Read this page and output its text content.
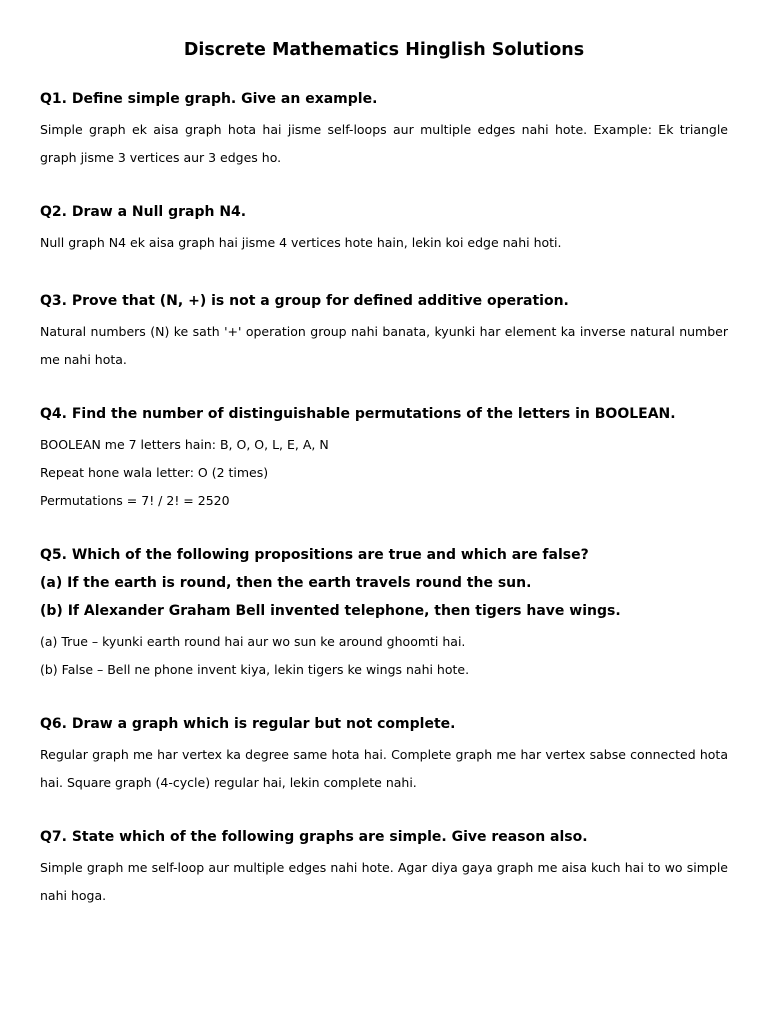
Discrete Mathematics Hinglish Solutions

Q1. Define simple graph. Give an example.

Simple graph ek aisa graph hota hai jisme self-loops aur multiple edges nahi hote. Example: Ek triangle graph jisme 3 vertices aur 3 edges ho.

Q2. Draw a Null graph N4.

Null graph N4 ek aisa graph hai jisme 4 vertices hote hain, lekin koi edge nahi hoti.

Q3. Prove that (N, +) is not a group for defined additive operation.

Natural numbers (N) ke sath '+' operation group nahi banata, kyunki har element ka inverse natural number me nahi hota.

Q4. Find the number of distinguishable permutations of the letters in BOOLEAN.

BOOLEAN me 7 letters hain: B, O, O, L, E, A, N

Repeat hone wala letter: O (2 times)

Permutations = 7! / 2! = 2520

Q5. Which of the following propositions are true and which are false?

(a) If the earth is round, then the earth travels round the sun.

(b) If Alexander Graham Bell invented telephone, then tigers have wings.

(a) True – kyunki earth round hai aur wo sun ke around ghoomti hai.

(b) False – Bell ne phone invent kiya, lekin tigers ke wings nahi hote.

Q6. Draw a graph which is regular but not complete.

Regular graph me har vertex ka degree same hota hai. Complete graph me har vertex sabse connected hota hai. Square graph (4-cycle) regular hai, lekin complete nahi.

Q7. State which of the following graphs are simple. Give reason also.

Simple graph me self-loop aur multiple edges nahi hote. Agar diya gaya graph me aisa kuch hai to wo simple nahi hoga.
